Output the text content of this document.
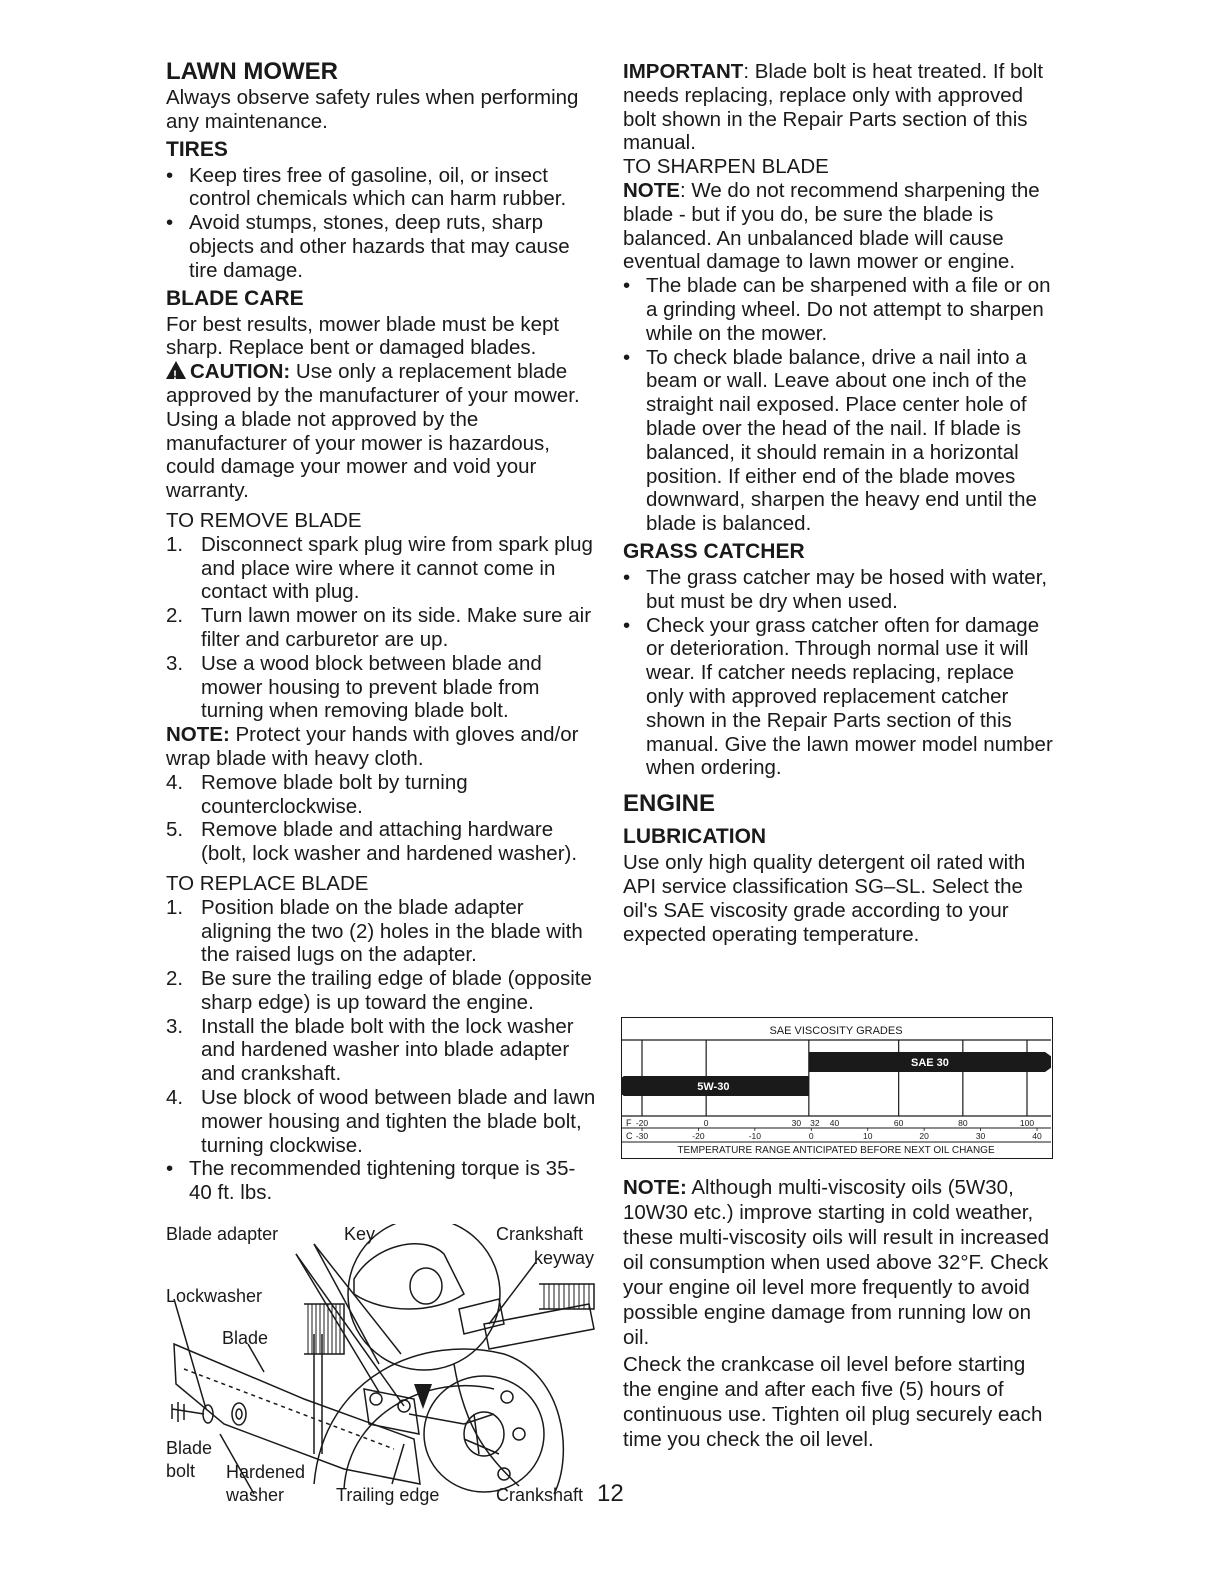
LAWN MOWER

Always observe safety rules when performing any maintenance.

TIRES
• Keep tires free of gasoline, oil, or insect control chemicals which can harm rubber.
• Avoid stumps, stones, deep ruts, sharp objects and other hazards that may cause tire damage.
BLADE CARE

For best results, mower blade must be kept sharp. Replace bent or damaged blades.

!CAUTION: Use only a replacement blade approved by the manufacturer of your mower. Using a blade not approved by the manufacturer of your mower is hazardous, could damage your mower and void your warranty.

TO REMOVE BLADE

1. Disconnect spark plug wire from spark plug and place wire where it cannot come in contact with plug.
2. Turn lawn mower on its side. Make sure air filter and carburetor are up.
3. Use a wood block between blade and mower housing to prevent blade from turning when removing blade bolt.

NOTE: Protect your hands with gloves and/or wrap blade with heavy cloth.

4. Remove blade bolt by turning counterclockwise.
5. Remove blade and attaching hardware (bolt, lock washer and hardened washer).

TO REPLACE BLADE

1. Position blade on the blade adapter aligning the two (2) holes in the blade with the raised lugs on the adapter.
2. Be sure the trailing edge of blade (opposite sharp edge) is up toward the engine.
3. Install the blade bolt with the lock washer and hardened washer into blade adapter and crankshaft.
4. Use block of wood between blade and lawn mower housing and tighten the blade bolt, turning clockwise.
• The recommended tightening torque is 35-40 ft. lbs.
Blade adapter	Key	Crankshaft
keyway
Lockwasher
Blade
Blade
bolt Hardened
washer	Trailing edge	Crankshaft 12

IMPORTANT: Blade bolt is heat treated. If bolt needs replacing, replace only with approved bolt shown in the Repair Parts section of this manual.

TO SHARPEN BLADE

NOTE: We do not recommend sharpening the blade - but if you do, be sure the blade is balanced. An unbalanced blade will cause eventual damage to lawn mower or engine.

• The blade can be sharpened with a file or on a grinding wheel. Do not attempt to sharpen while on the mower.
• To check blade balance, drive a nail into a beam or wall. Leave about one inch of the straight nail exposed. Place center hole of blade over the head of the nail. If blade is balanced, it should remain in a horizontal position. If either end of the blade moves downward, sharpen the heavy end until the blade is balanced.
GRASS CATCHER
• The grass catcher may be hosed with water, but must be dry when used.
• Check your grass catcher often for damage or deterioration. Through normal use it will wear. If catcher needs replacing, replace only with approved replacement catcher shown in the Repair Parts section of this manual. Give the lawn mower model number when ordering.
ENGINE
LUBRICATION

Use only high quality detergent oil rated with API service classification SG–SL. Select the oil's SAE viscosity grade according to your expected operating temperature.

SAE VISCOSITY GRADES
F
C
TEMPERATURE RANGE ANTICIPATED BEFORE NEXT OIL CHANGE
5W-30
SAE 30
-20	0	30 32 40	60	80	100
-30	-20	-10	0	10	20	30	40

NOTE: Although multi-viscosity oils (5W30, 10W30 etc.) improve starting in cold weather, these multi-viscosity oils will result in increased oil consumption when used above 32°F. Check your engine oil level more frequently to avoid possible engine damage from running low on oil.

Check the crankcase oil level before starting the engine and after each five (5) hours of continuous use. Tighten oil plug securely each time you check the oil level.
